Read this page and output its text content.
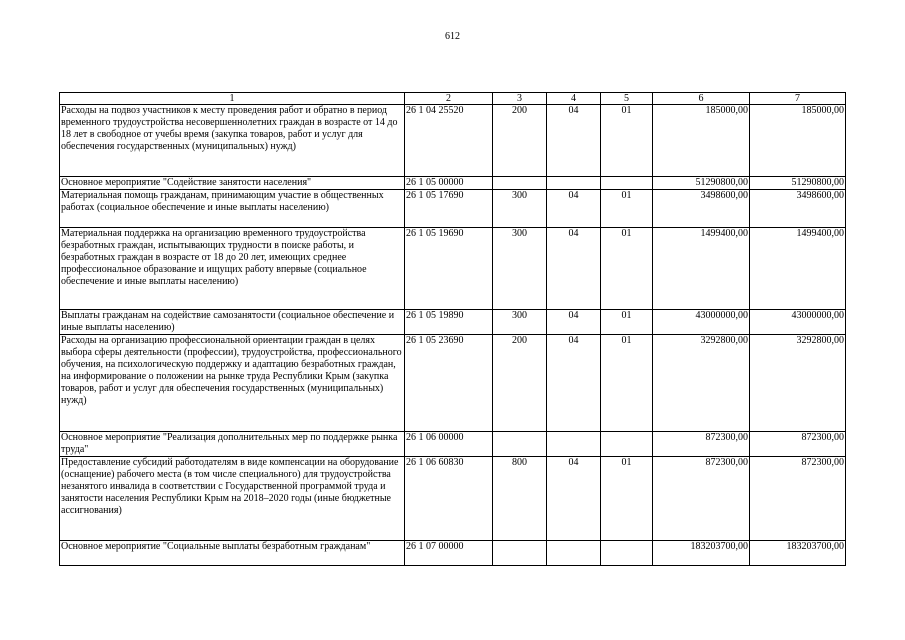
612
1	2	3	4	5	6	7
Расходы на подвоз участников к месту проведения работ и обратно в период временного трудоустройства несовершеннолетних граждан в возрасте от 14 до 18 лет в свободное от учебы время (закупка товаров, работ и услуг для обеспечения государственных (муниципальных) нужд)	26 1 04 25520	200	04	01	185000,00	185000,00
Основное мероприятие "Содействие занятости населения"	26 1 05 00000				51290800,00	51290800,00
Материальная помощь гражданам, принимающим участие в общественных работах (социальное обеспечение и иные выплаты населению)	26 1 05 17690	300	04	01	3498600,00	3498600,00
Материальная поддержка на организацию временного трудоустройства безработных граждан, испытывающих трудности в поиске работы, и безработных граждан в возрасте от 18 до 20 лет, имеющих среднее профессиональное образование и ищущих работу впервые (социальное обеспечение и иные выплаты населению)	26 1 05 19690	300	04	01	1499400,00	1499400,00
Выплаты гражданам на содействие самозанятости (социальное обеспечение и иные выплаты населению)	26 1 05 19890	300	04	01	43000000,00	43000000,00
Расходы на организацию профессиональной ориентации граждан в целях выбора сферы деятельности (профессии), трудоустройства, профессионального обучения, на психологическую поддержку и адаптацию безработных граждан, на информирование о положении на рынке труда Республики Крым (закупка товаров, работ и услуг для обеспечения государственных (муниципальных) нужд)	26 1 05 23690	200	04	01	3292800,00	3292800,00
Основное мероприятие "Реализация дополнительных мер по поддержке рынка труда"	26 1 06 00000				872300,00	872300,00
Предоставление субсидий работодателям в виде компенсации на оборудование (оснащение) рабочего места (в том числе специального) для трудоустройства незанятого инвалида в соответствии с Государственной программой труда и занятости населения Республики Крым на 2018–2020 годы (иные бюджетные ассигнования)	26 1 06 60830	800	04	01	872300,00	872300,00
Основное мероприятие "Социальные выплаты безработным гражданам"	26 1 07 00000				183203700,00	183203700,00
